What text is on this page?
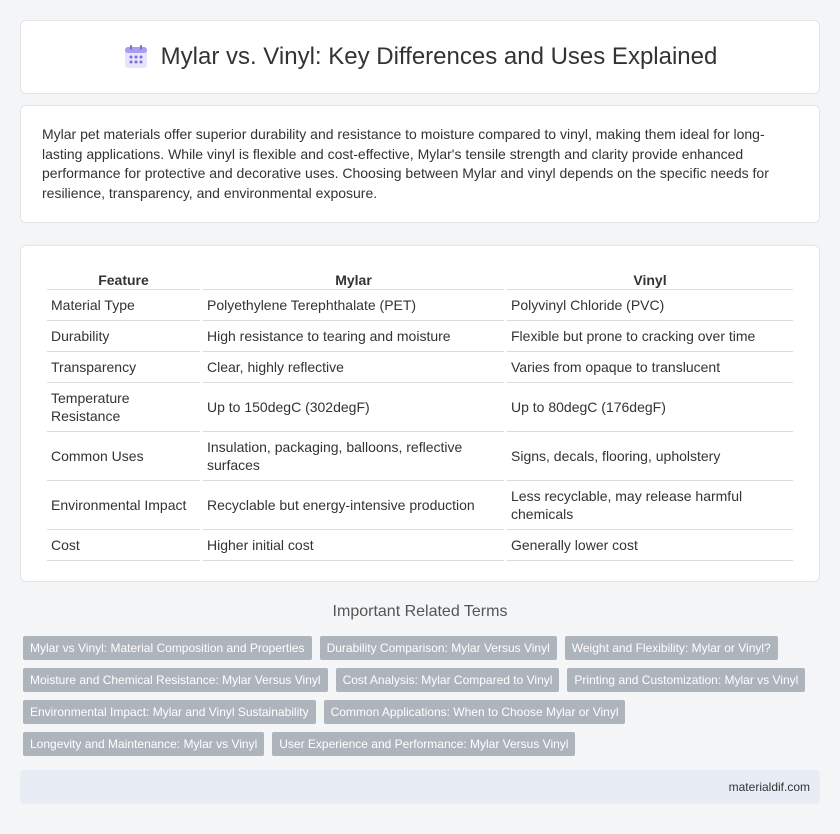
Mylar vs. Vinyl: Key Differences and Uses Explained

Mylar pet materials offer superior durability and resistance to moisture compared to vinyl, making them ideal for long-lasting applications. While vinyl is flexible and cost-effective, Mylar's tensile strength and clarity provide enhanced performance for protective and decorative uses. Choosing between Mylar and vinyl depends on the specific needs for resilience, transparency, and environmental exposure.

Feature	Mylar	Vinyl
Material Type	Polyethylene Terephthalate (PET)	Polyvinyl Chloride (PVC)
Durability	High resistance to tearing and moisture	Flexible but prone to cracking over time
Transparency	Clear, highly reflective	Varies from opaque to translucent
Temperature Resistance	Up to 150degC (302degF)	Up to 80degC (176degF)
Common Uses	Insulation, packaging, balloons, reflective surfaces	Signs, decals, flooring, upholstery
Environmental Impact	Recyclable but energy-intensive production	Less recyclable, may release harmful chemicals
Cost	Higher initial cost	Generally lower cost
Important Related Terms
Mylar vs Vinyl: Material Composition and Properties	Durability Comparison: Mylar Versus Vinyl	Weight and Flexibility: Mylar or Vinyl?
Moisture and Chemical Resistance: Mylar Versus Vinyl	Cost Analysis: Mylar Compared to Vinyl	Printing and Customization: Mylar vs Vinyl
Environmental Impact: Mylar and Vinyl Sustainability	Common Applications: When to Choose Mylar or Vinyl
Longevity and Maintenance: Mylar vs Vinyl	User Experience and Performance: Mylar Versus Vinyl
materialdif.com
